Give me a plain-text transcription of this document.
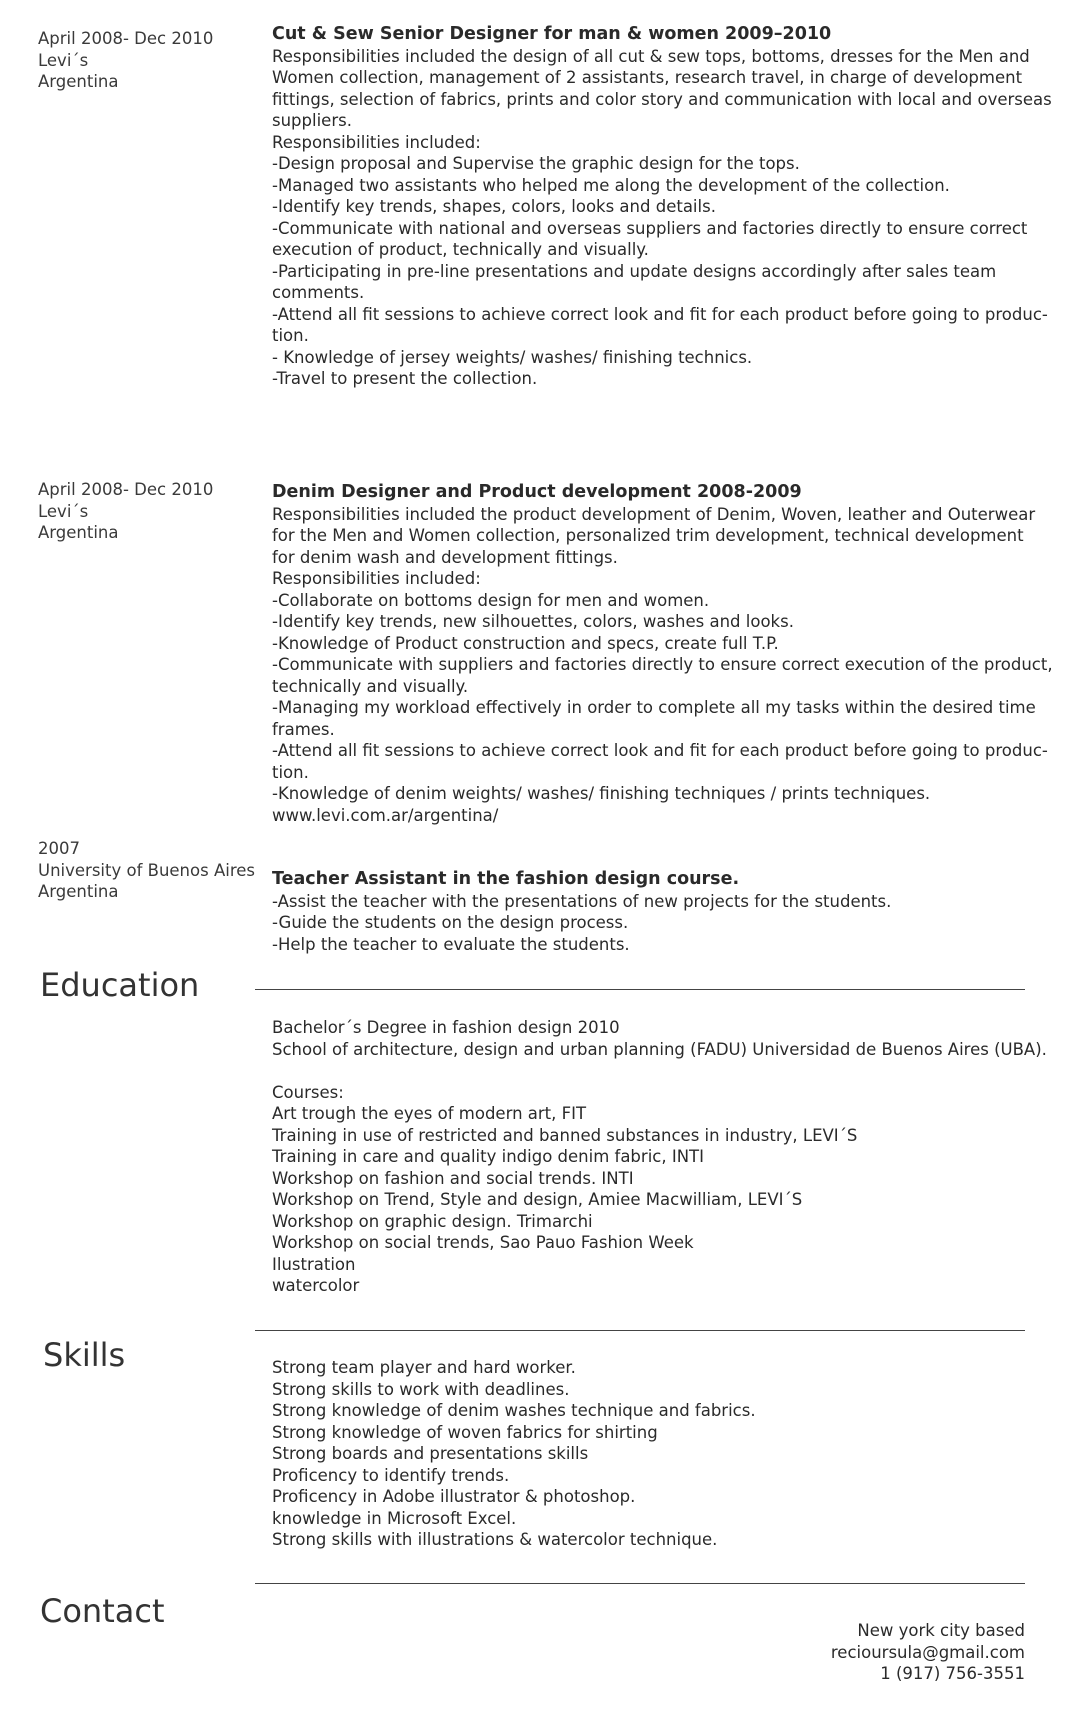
April 2008- Dec 2010
Levi´s
Argentina
Cut & Sew Senior Designer for man & women 2009–2010
Responsibilities included the design of all cut & sew tops, bottoms, dresses for the Men and
Women collection, management of 2 assistants, research travel, in charge of development
fittings, selection of fabrics, prints and color story and communication with local and overseas
suppliers.
Responsibilities included:
-Design proposal and Supervise the graphic design for the tops.
-Managed two assistants who helped me along the development of the collection.
-Identify key trends, shapes, colors, looks and details.
-Communicate with national and overseas suppliers and factories directly to ensure correct
execution of product, technically and visually.
-Participating in pre-line presentations and update designs accordingly after sales team
comments.
-Attend all fit sessions to achieve correct look and fit for each product before going to produc-
tion.
- Knowledge of jersey weights/ washes/ finishing technics.
-Travel to present the collection.
April 2008- Dec 2010
Levi´s
Argentina
Denim Designer and Product development 2008-2009
Responsibilities included the product development of Denim, Woven, leather and Outerwear
for the Men and Women collection, personalized trim development, technical development
for denim wash and development fittings.
Responsibilities included:
-Collaborate on bottoms design for men and women.
-Identify key trends, new silhouettes, colors, washes and looks.
-Knowledge of Product construction and specs, create full T.P.
-Communicate with suppliers and factories directly to ensure correct execution of the product,
technically and visually.
-Managing my workload effectively in order to complete all my tasks within the desired time
frames.
-Attend all fit sessions to achieve correct look and fit for each product before going to produc-
tion.
-Knowledge of denim weights/ washes/ finishing techniques / prints techniques.
www.levi.com.ar/argentina/
2007
University of Buenos Aires
Argentina
Teacher Assistant in the fashion design course.
-Assist the teacher with the presentations of new projects for the students.
-Guide the students on the design process.
-Help the teacher to evaluate the students.
Education
Bachelor´s Degree in fashion design 2010
School of architecture, design and urban planning (FADU) Universidad de Buenos Aires (UBA).
Courses:
Art trough the eyes of modern art, FIT
Training in use of restricted and banned substances in industry, LEVI´S
Training in care and quality indigo denim fabric, INTI
Workshop on fashion and social trends. INTI
Workshop on Trend, Style and design, Amiee Macwilliam, LEVI´S
Workshop on graphic design. Trimarchi
Workshop on social trends, Sao Pauo Fashion Week
Ilustration
watercolor
Skills	Strong team player and hard worker.
Strong skills to work with deadlines.
Strong knowledge of denim washes technique and fabrics.
Strong knowledge of woven fabrics for shirting
Strong boards and presentations skills
Proficency to identify trends.
Proficency in Adobe illustrator & photoshop.
knowledge in Microsoft Excel.
Strong skills with illustrations & watercolor technique.
Contact
New york city based
recioursula@gmail.com
1 (917) 756-3551
